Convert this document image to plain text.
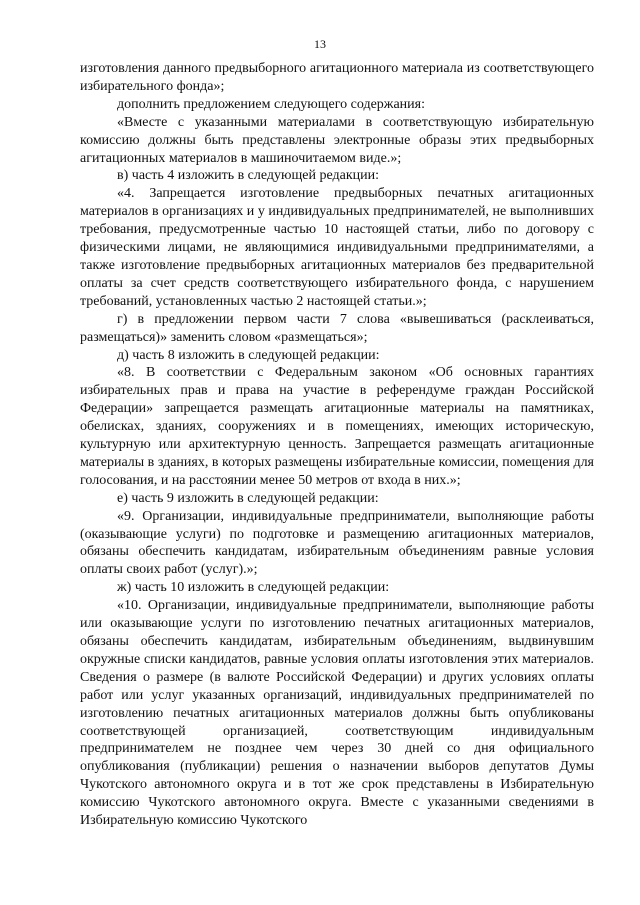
13

изготовления данного предвыборного агитационного материала из соответствующего избирательного фонда»;

дополнить предложением следующего содержания:

«Вместе с указанными материалами в соответствующую избирательную комиссию должны быть представлены электронные образы этих предвыборных агитационных материалов в машиночитаемом виде.»;

в) часть 4 изложить в следующей редакции:

«4. Запрещается изготовление предвыборных печатных агитационных материалов в организациях и у индивидуальных предпринимателей, не выполнивших требования, предусмотренные частью 10 настоящей статьи, либо по договору с физическими лицами, не являющимися индивидуальными предпринимателями, а также изготовление предвыборных агитационных материалов без предварительной оплаты за счет средств соответствующего избирательного фонда, с нарушением требований, установленных частью 2 настоящей статьи.»;

г) в предложении первом части 7 слова «вывешиваться (расклеиваться, размещаться)» заменить словом «размещаться»;

д) часть 8 изложить в следующей редакции:

«8. В соответствии с Федеральным законом «Об основных гарантиях избирательных прав и права на участие в референдуме граждан Российской Федерации» запрещается размещать агитационные материалы на памятниках, обелисках, зданиях, сооружениях и в помещениях, имеющих историческую, культурную или архитектурную ценность. Запрещается размещать агитационные материалы в зданиях, в которых размещены избирательные комиссии, помещения для голосования, и на расстоянии менее 50 метров от входа в них.»;

е) часть 9 изложить в следующей редакции:

«9. Организации, индивидуальные предприниматели, выполняющие работы (оказывающие услуги) по подготовке и размещению агитационных материалов, обязаны обеспечить кандидатам, избирательным объединениям равные условия оплаты своих работ (услуг).»;

ж) часть 10 изложить в следующей редакции:

«10. Организации, индивидуальные предприниматели, выполняющие работы или оказывающие услуги по изготовлению печатных агитационных материалов, обязаны обеспечить кандидатам, избирательным объединениям, выдвинувшим окружные списки кандидатов, равные условия оплаты изготовления этих материалов. Сведения о размере (в валюте Российской Федерации) и других условиях оплаты работ или услуг указанных организаций, индивидуальных предпринимателей по изготовлению печатных агитационных материалов должны быть опубликованы соответствующей организацией, соответствующим индивидуальным предпринимателем не позднее чем через 30 дней со дня официального опубликования (публикации) решения о назначении выборов депутатов Думы Чукотского автономного округа и в тот же срок представлены в Избирательную комиссию Чукотского автономного округа. Вместе с указанными сведениями в Избирательную комиссию Чукотского
